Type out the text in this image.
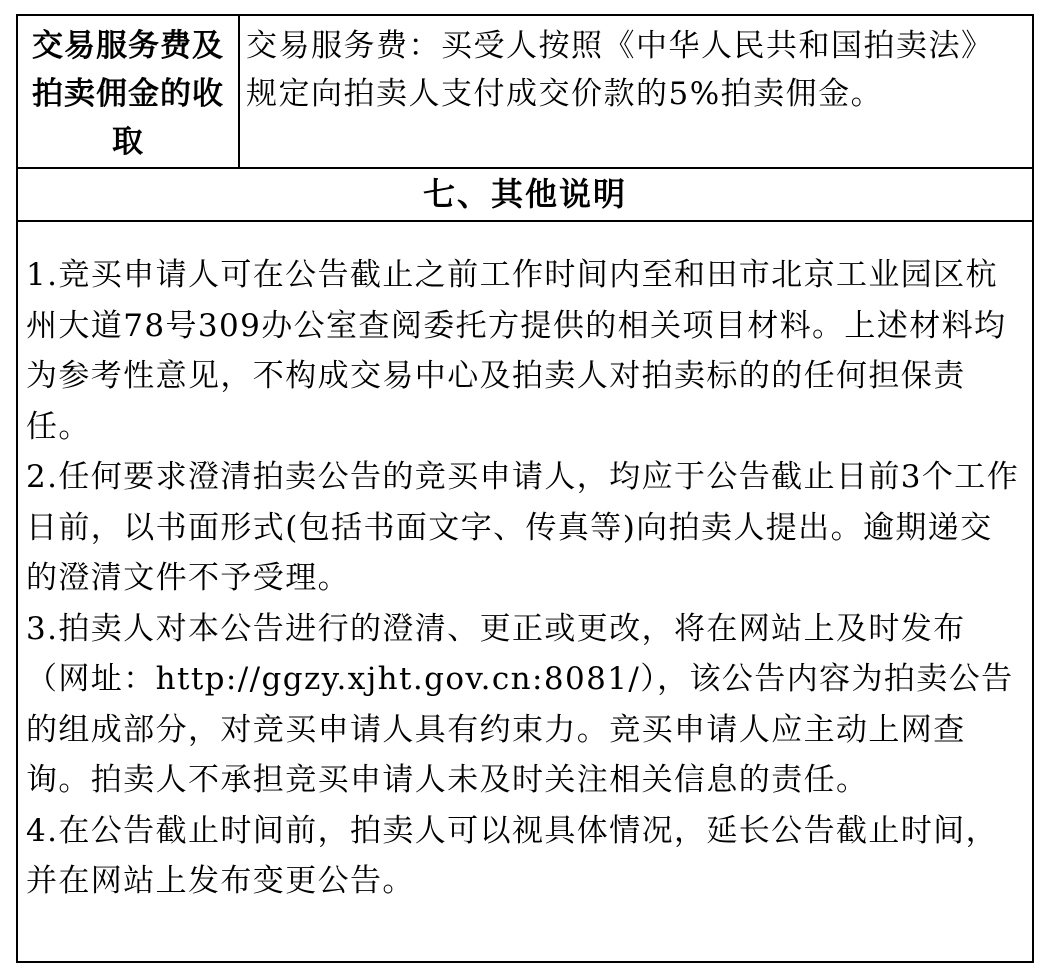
交易服务费及拍卖佣金的收取
交易服务费：买受人按照《中华人民共和国拍卖法》规定向拍卖人支付成交价款的5%拍卖佣金。
七、其他说明

1.竞买申请人可在公告截止之前工作时间内至和田市北京工业园区杭州大道78号309办公室查阅委托方提供的相关项目材料。上述材料均为参考性意见，不构成交易中心及拍卖人对拍卖标的的任何担保责任。

2.任何要求澄清拍卖公告的竞买申请人，均应于公告截止日前3个工作日前，以书面形式(包括书面文字、传真等)向拍卖人提出。逾期递交的澄清文件不予受理。

3.拍卖人对本公告进行的澄清、更正或更改，将在网站上及时发布（网址：http://ggzy.xjht.gov.cn:8081/），该公告内容为拍卖公告的组成部分，对竞买申请人具有约束力。竞买申请人应主动上网查询。拍卖人不承担竞买申请人未及时关注相关信息的责任。

4.在公告截止时间前，拍卖人可以视具体情况，延长公告截止时间，并在网站上发布变更公告。
